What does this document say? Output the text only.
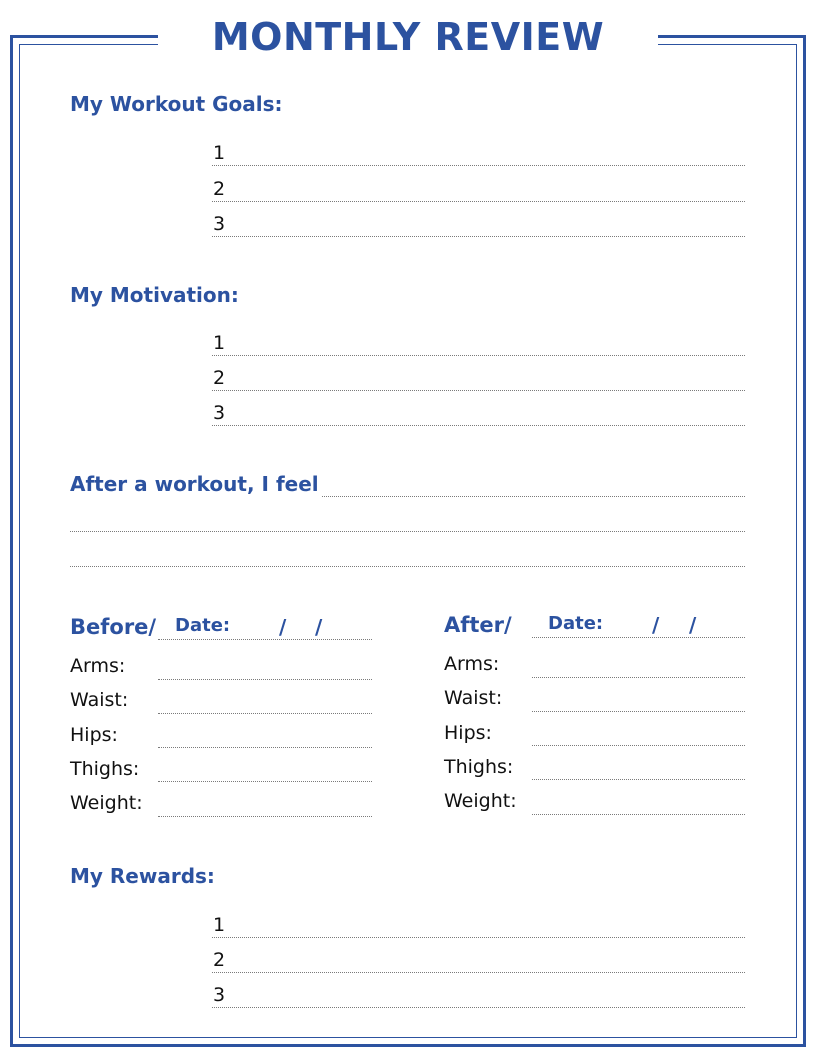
MONTHLY REVIEW
My Workout Goals:
1
2
3
My Motivation:
1
2
3
After a workout, I feel
Before/ Date: / /
Arms:
Waist:
Hips:
Thighs:
Weight:
After/ Date: / /
Arms:
Waist:
Hips:
Thighs:
Weight:
My Rewards:
1
2
3
